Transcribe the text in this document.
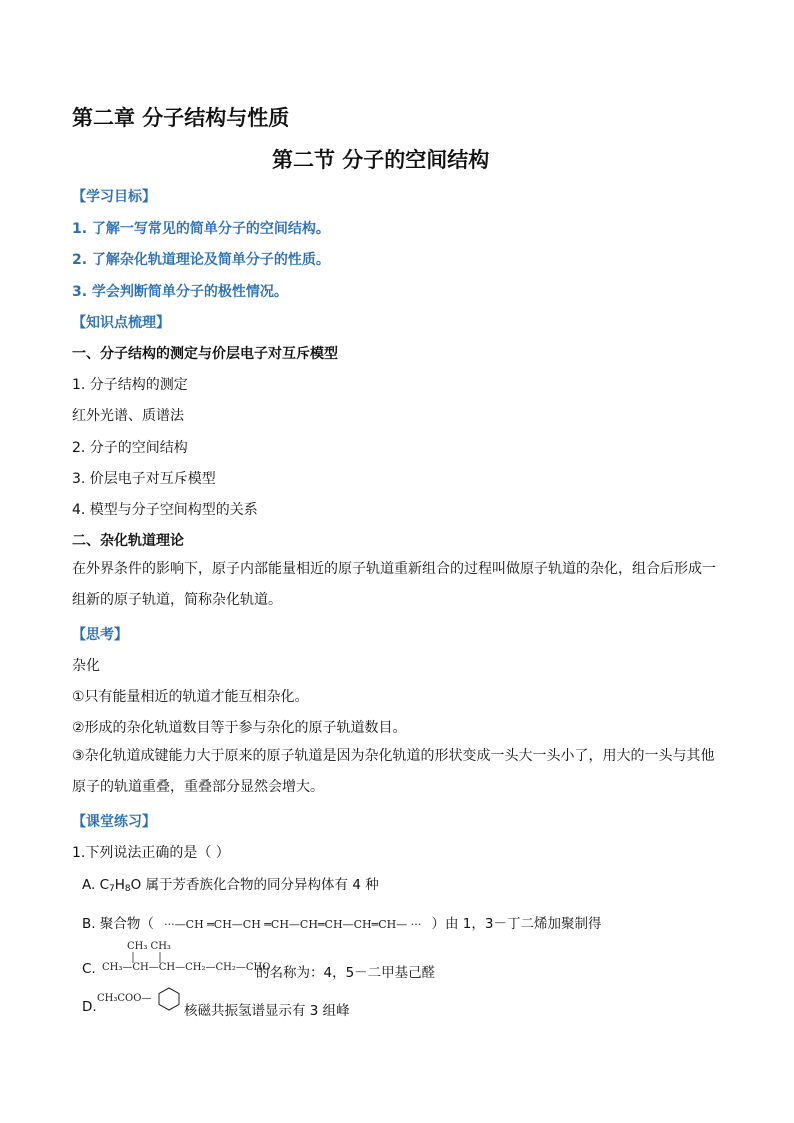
第二章 分子结构与性质
第二节 分子的空间结构
【学习目标】
1. 了解一写常见的简单分子的空间结构。
2. 了解杂化轨道理论及简单分子的性质。
3. 学会判断简单分子的极性情况。
【知识点梳理】
一、分子结构的测定与价层电子对互斥模型
1. 分子结构的测定
红外光谱、质谱法
2. 分子的空间结构
3. 价层电子对互斥模型
4. 模型与分子空间构型的关系
二、杂化轨道理论
在外界条件的影响下，原子内部能量相近的原子轨道重新组合的过程叫做原子轨道的杂化，组合后形成一组新的原子轨道，简称杂化轨道。
【思考】
杂化
①只有能量相近的轨道才能互相杂化。
②形成的杂化轨道数目等于参与杂化的原子轨道数目。
③杂化轨道成键能力大于原来的原子轨道是因为杂化轨道的形状变成一头大一头小了，用大的一头与其他原子的轨道重叠，重叠部分显然会增大。
【课堂练习】
1.下列说法正确的是（ ）
A. $C_7H_8O$ 属于芳香族化合物的同分异构体有 4 种
B. 聚合物（ ···—CH ═CH—CH ═CH—CH═CH—CH═CH— ··· ）由 1，3－丁二烯加聚制得
CH₃ CH₃
C. CH₃—CH—CH—CH₂—CH₂—CHO
的名称为：4，5－二甲基己醛
D.
CH₃COO—
核磁共振氢谱显示有 3 组峰
